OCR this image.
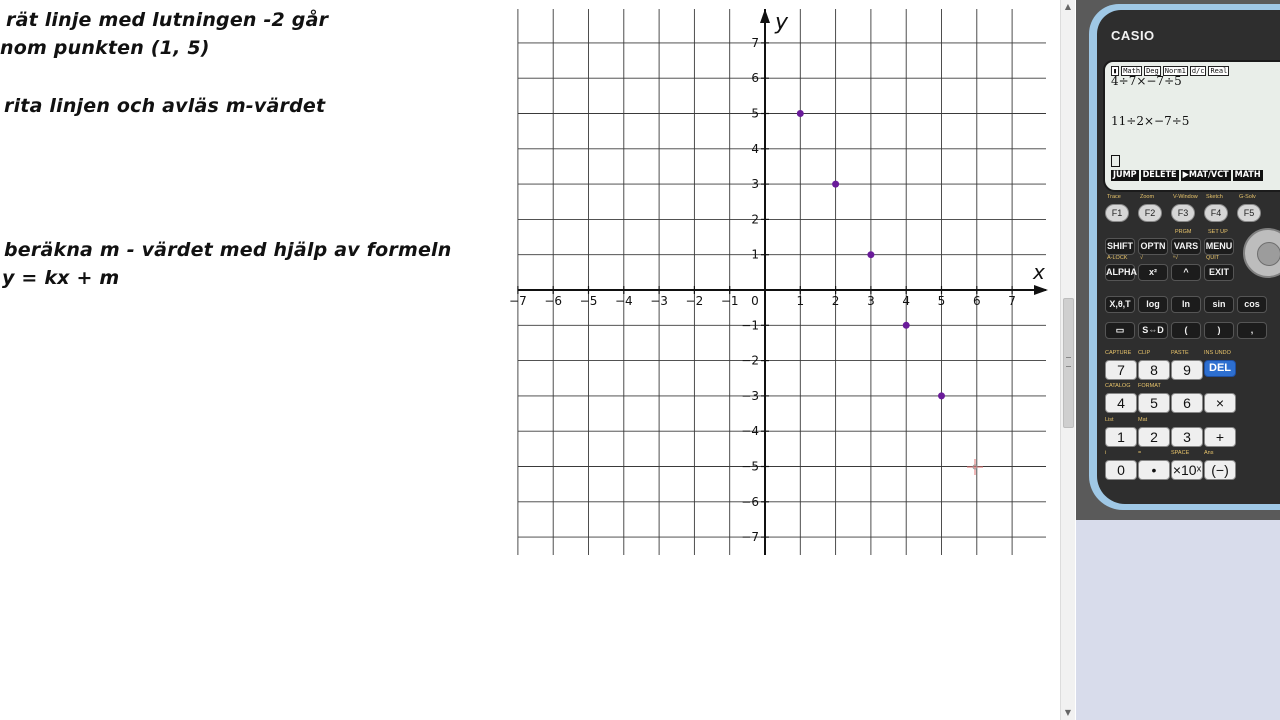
rät linje med lutningen -2 går
nom punkten (1, 5)
rita linjen och avläs m-värdet
beräkna m - värdet med hjälp av formeln
y = kx + m	x
y
0
−7 −6 −5 −4 −3 −2 −1	1 2 3 4 5 6 7
7
6
5
4
3
2
1
−1
−2
−3
−4
−5
−6
−7
▲
▼
CASIO
▮ Math Deg Norm1 d/c Real
4÷7×−7÷5
11÷2×−7÷5
JUMP DELETE ▶MAT/VCT MATH
Trace	Zoom	V-Window Sketch	G-Solv
F1	F2	F3	F4	F5
PRGM	SET UP
SHIFT OPTN VARS MENU
A-LOCK √	ⁿ√	QUIT
ALPHA	x²	^	EXIT
X,θ,T	log	ln	sin	cos
▭	S⇔D	(	)	,
CAPTURE CLIP	PASTE	INS UNDO
7	8	9	DEL
CATALOG FORMAT
4	5	6	×
List	Mat
1	2	3	+
i	=	SPACE	Ans
0	•	×10ˣ (−)
